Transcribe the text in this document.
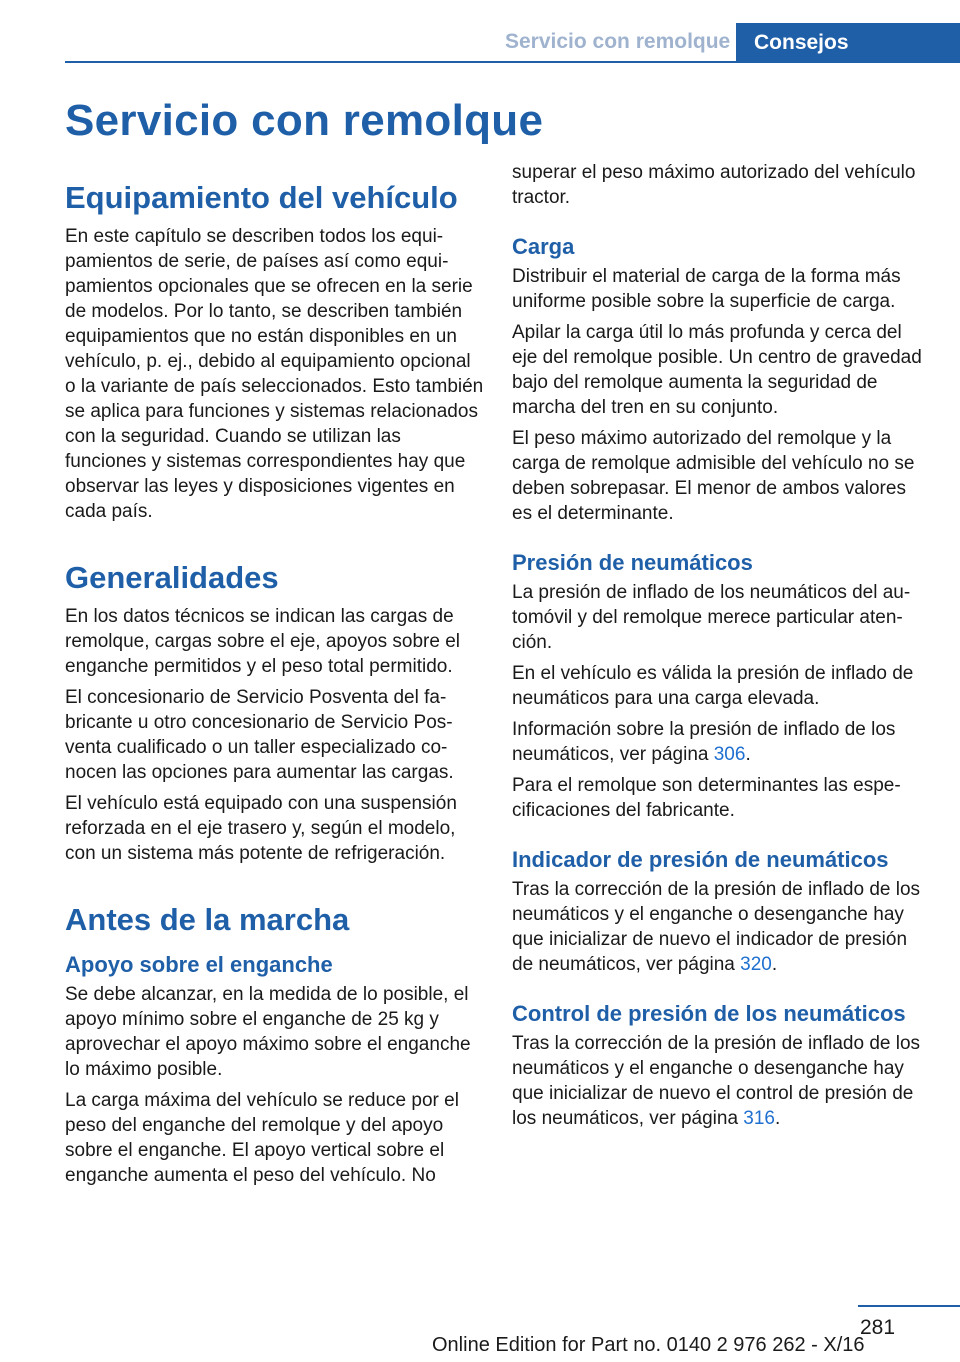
Servicio con remolque Consejos
Servicio con remolque
Equipamiento del vehículo

En este capítulo se describen todos los equipamientos de serie, de países así como equipamientos opcionales que se ofrecen en la serie de modelos. Por lo tanto, se describen también equipamientos que no están disponibles en un vehículo, p. ej., debido al equipamiento opcional o la variante de país seleccionados. Esto también se aplica para funciones y sistemas relacionados con la seguridad. Cuando se utilizan las funciones y sistemas correspondientes hay que observar las leyes y disposiciones vigentes en cada país.

Generalidades

En los datos técnicos se indican las cargas de remolque, cargas sobre el eje, apoyos sobre el enganche permitidos y el peso total permitido.

El concesionario de Servicio Posventa del fabricante u otro concesionario de Servicio Posventa cualificado o un taller especializado conocen las opciones para aumentar las cargas.

El vehículo está equipado con una suspensión reforzada en el eje trasero y, según el modelo, con un sistema más potente de refrigeración.

Antes de la marcha
Apoyo sobre el enganche

Se debe alcanzar, en la medida de lo posible, el apoyo mínimo sobre el enganche de 25 kg y aprovechar el apoyo máximo sobre el enganche lo máximo posible.

La carga máxima del vehículo se reduce por el peso del enganche del remolque y del apoyo sobre el enganche. El apoyo vertical sobre el enganche aumenta el peso del vehículo. No

superar el peso máximo autorizado del vehículo tractor.

Carga

Distribuir el material de carga de la forma más uniforme posible sobre la superficie de carga.

Apilar la carga útil lo más profunda y cerca del eje del remolque posible. Un centro de gravedad bajo del remolque aumenta la seguridad de marcha del tren en su conjunto.

El peso máximo autorizado del remolque y la carga de remolque admisible del vehículo no se deben sobrepasar. El menor de ambos valores es el determinante.

Presión de neumáticos

La presión de inflado de los neumáticos del automóvil y del remolque merece particular atención.

En el vehículo es válida la presión de inflado de neumáticos para una carga elevada.

Información sobre la presión de inflado de los neumáticos, ver página 306.

Para el remolque son determinantes las especificaciones del fabricante.

Indicador de presión de neumáticos

Tras la corrección de la presión de inflado de los neumáticos y el enganche o desenganche hay que inicializar de nuevo el indicador de presión de neumáticos, ver página 320.

Control de presión de los neumáticos

Tras la corrección de la presión de inflado de los neumáticos y el enganche o desenganche hay que inicializar de nuevo el control de presión de los neumáticos, ver página 316.

281
Online Edition for Part no. 0140 2 976 262 - X/16
